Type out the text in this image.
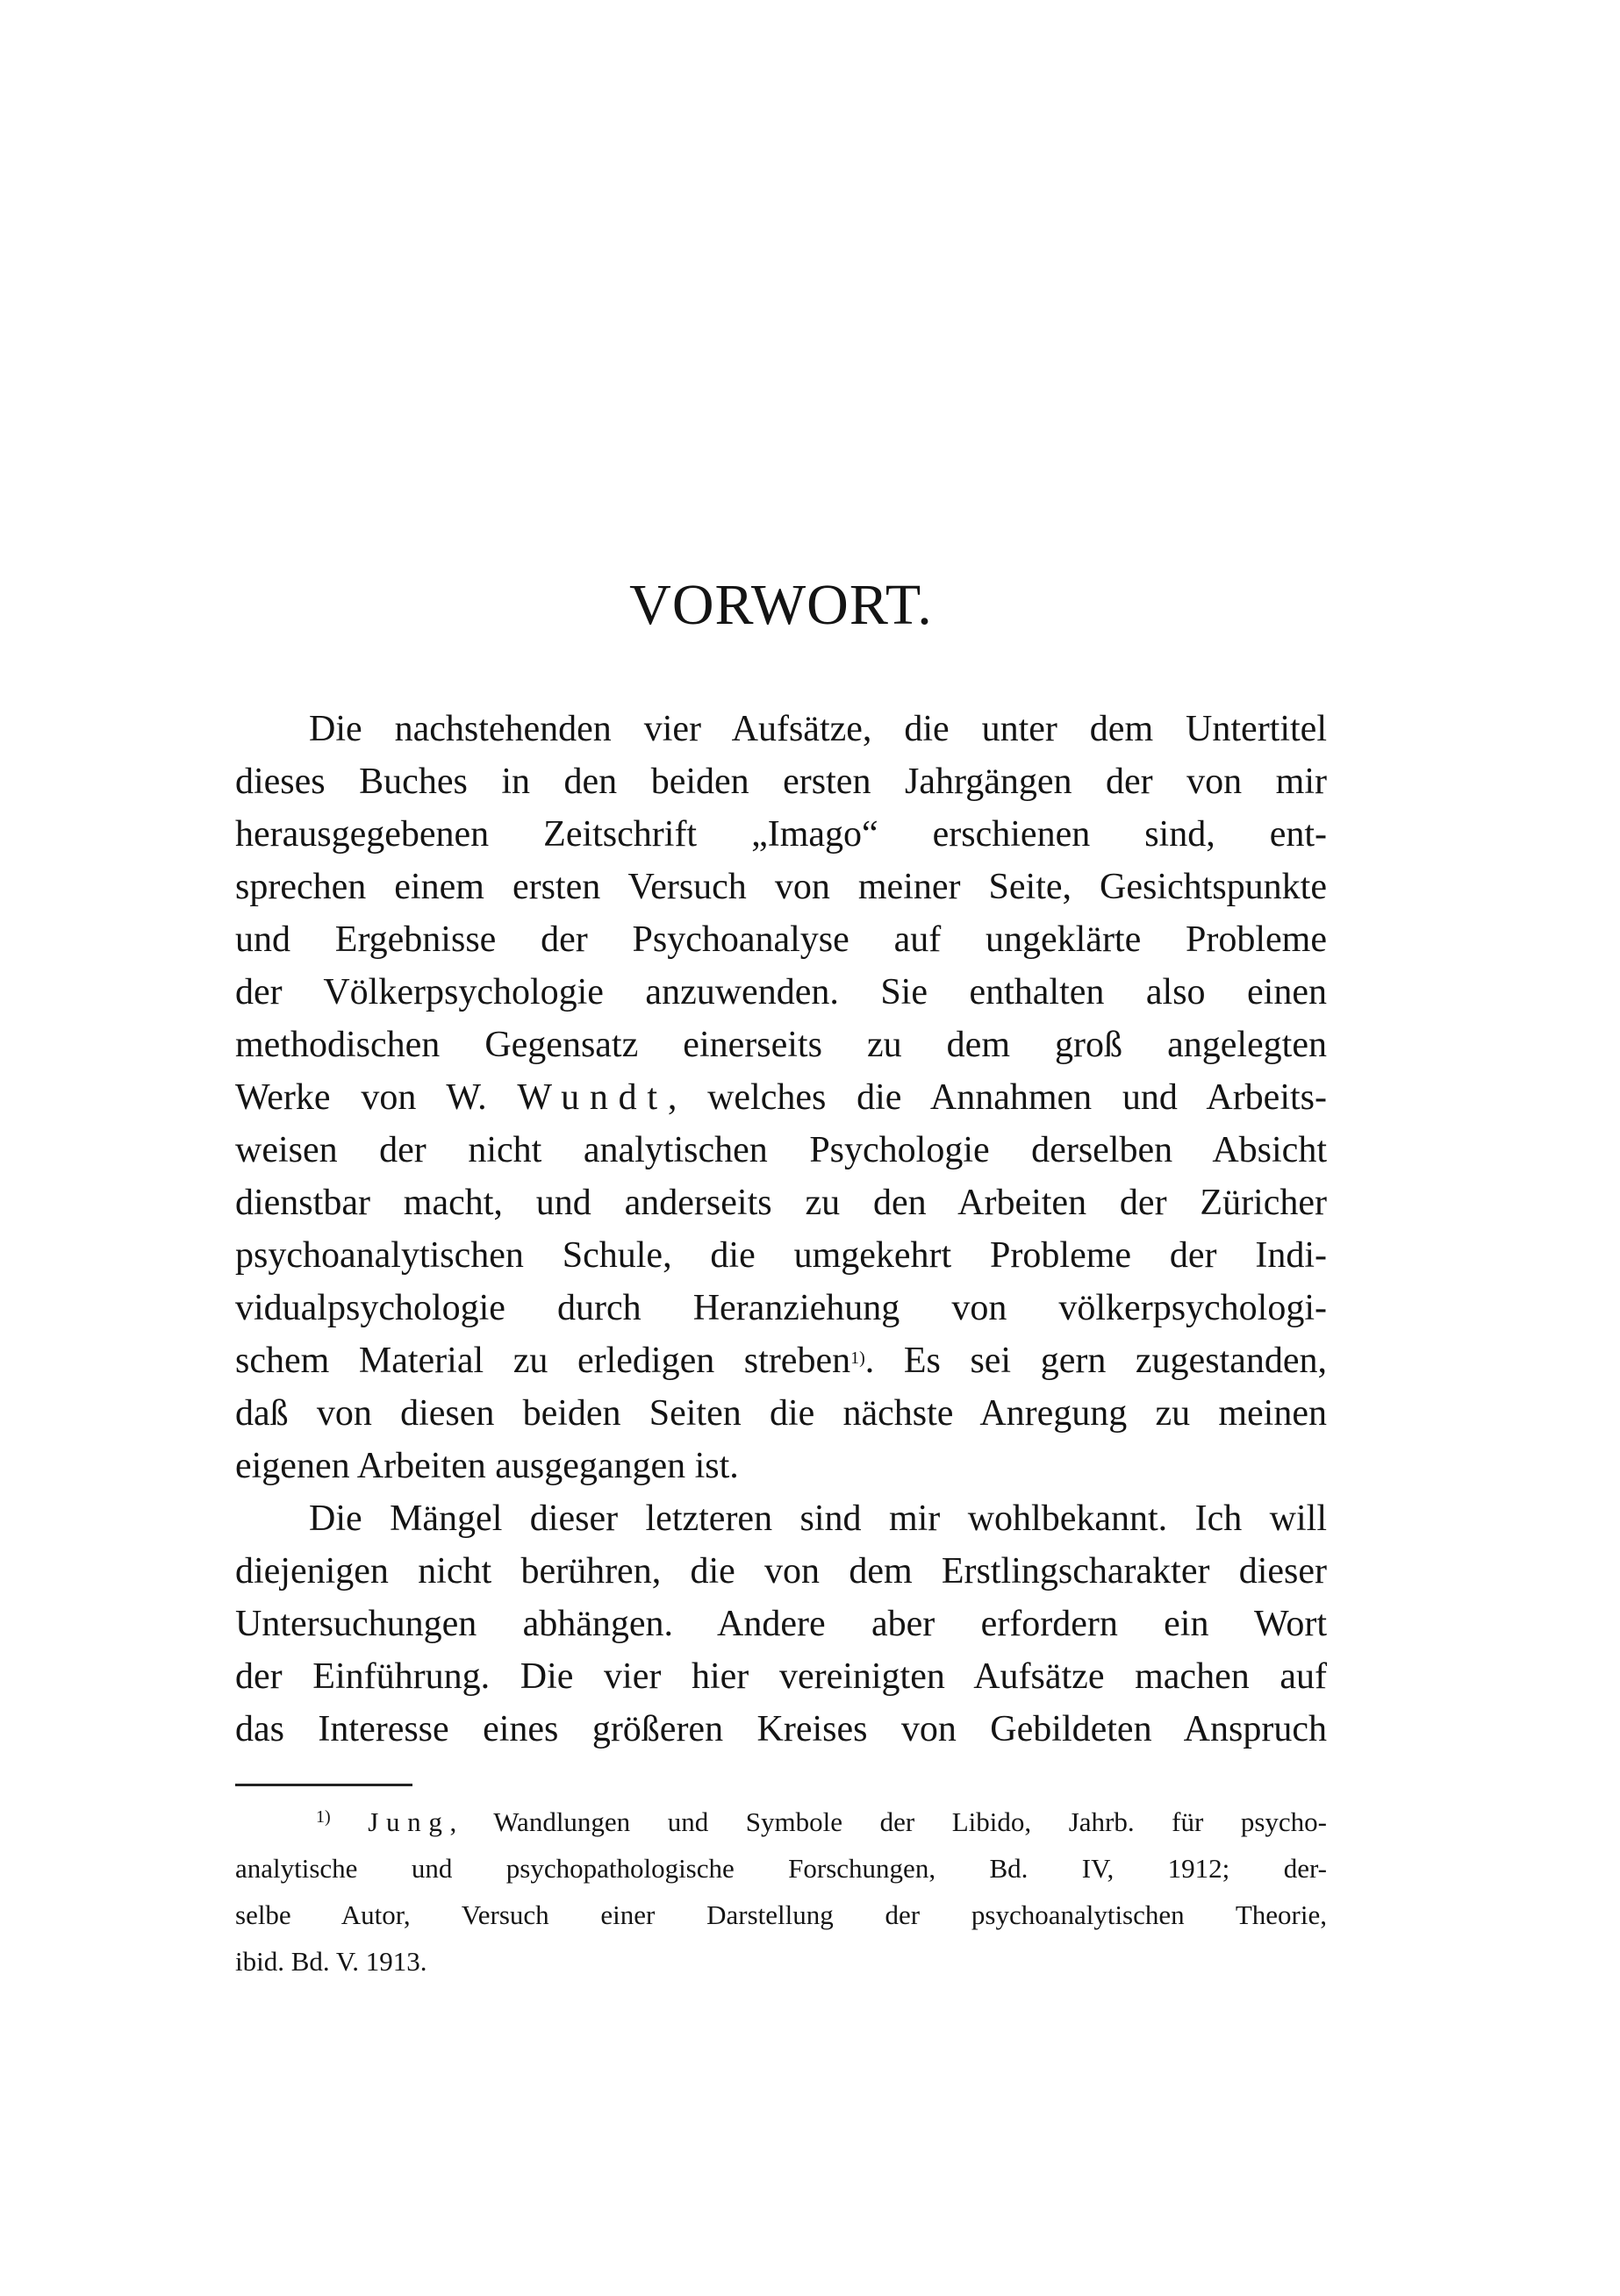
VORWORT.
Die nachstehenden vier Aufsätze, die unter dem Untertitel
dieses Buches in den beiden ersten Jahrgängen der von mir
herausgegebenen Zeitschrift „Imago“ erschienen sind, ent-
sprechen einem ersten Versuch von meiner Seite, Gesichtspunkte
und Ergebnisse der Psychoanalyse auf ungeklärte Probleme
der Völkerpsychologie anzuwenden. Sie enthalten also einen
methodischen Gegensatz einerseits zu dem groß angelegten
Werke von W. Wundt, welches die Annahmen und Arbeits-
weisen der nicht analytischen Psychologie derselben Absicht
dienstbar macht, und anderseits zu den Arbeiten der Züricher
psychoanalytischen Schule, die umgekehrt Probleme der Indi-
vidualpsychologie durch Heranziehung von völkerpsychologi-
schem Material zu erledigen streben$^{1)}$. Es sei gern zugestanden,
daß von diesen beiden Seiten die nächste Anregung zu meinen
eigenen Arbeiten ausgegangen ist.
Die Mängel dieser letzteren sind mir wohlbekannt. Ich will
diejenigen nicht berühren, die von dem Erstlingscharakter dieser
Untersuchungen abhängen. Andere aber erfordern ein Wort
der Einführung. Die vier hier vereinigten Aufsätze machen auf
das Interesse eines größeren Kreises von Gebildeten Anspruch
$^{1)}$ Jung, Wandlungen und Symbole der Libido, Jahrb. für psycho-
analytische und psychopathologische Forschungen, Bd. IV, 1912; der-
selbe Autor, Versuch einer Darstellung der psychoanalytischen Theorie,
ibid. Bd. V. 1913.
